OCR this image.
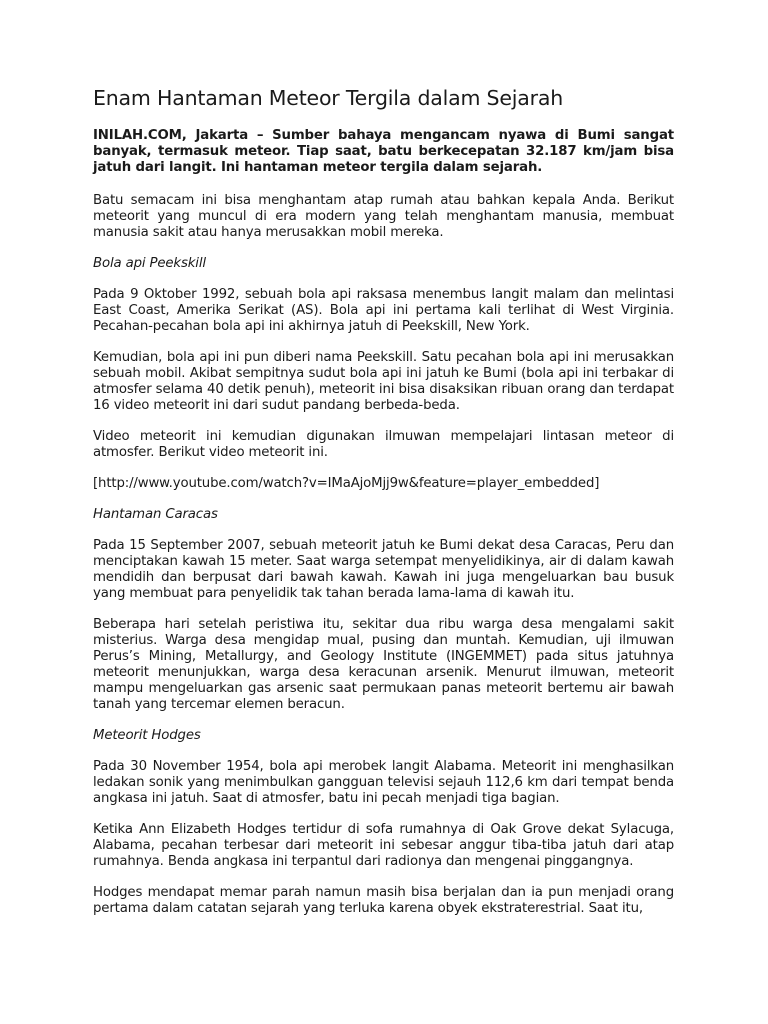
Enam Hantaman Meteor Tergila dalam Sejarah

INILAH.COM, Jakarta – Sumber bahaya mengancam nyawa di Bumi sangat banyak, termasuk meteor. Tiap saat, batu berkecepatan 32.187 km/jam bisa jatuh dari langit. Ini hantaman meteor tergila dalam sejarah.

Batu semacam ini bisa menghantam atap rumah atau bahkan kepala Anda. Berikut meteorit yang muncul di era modern yang telah menghantam manusia, membuat manusia sakit atau hanya merusakkan mobil mereka.

Bola api Peekskill

Pada 9 Oktober 1992, sebuah bola api raksasa menembus langit malam dan melintasi East Coast, Amerika Serikat (AS). Bola api ini pertama kali terlihat di West Virginia. Pecahan-pecahan bola api ini akhirnya jatuh di Peekskill, New York.

Kemudian, bola api ini pun diberi nama Peekskill. Satu pecahan bola api ini merusakkan sebuah mobil. Akibat sempitnya sudut bola api ini jatuh ke Bumi (bola api ini terbakar di atmosfer selama 40 detik penuh), meteorit ini bisa disaksikan ribuan orang dan terdapat 16 video meteorit ini dari sudut pandang berbeda-beda.

Video meteorit ini kemudian digunakan ilmuwan mempelajari lintasan meteor di atmosfer. Berikut video meteorit ini.

[http://www.youtube.com/watch?v=IMaAjoMjj9w&feature=player_embedded]

Hantaman Caracas

Pada 15 September 2007, sebuah meteorit jatuh ke Bumi dekat desa Caracas, Peru dan menciptakan kawah 15 meter. Saat warga setempat menyelidikinya, air di dalam kawah mendidih dan berpusat dari bawah kawah. Kawah ini juga mengeluarkan bau busuk yang membuat para penyelidik tak tahan berada lama-lama di kawah itu.

Beberapa hari setelah peristiwa itu, sekitar dua ribu warga desa mengalami sakit misterius. Warga desa mengidap mual, pusing dan muntah. Kemudian, uji ilmuwan Perus’s Mining, Metallurgy, and Geology Institute (INGEMMET) pada situs jatuhnya meteorit menunjukkan, warga desa keracunan arsenik. Menurut ilmuwan, meteorit mampu mengeluarkan gas arsenic saat permukaan panas meteorit bertemu air bawah tanah yang tercemar elemen beracun.

Meteorit Hodges

Pada 30 November 1954, bola api merobek langit Alabama. Meteorit ini menghasilkan ledakan sonik yang menimbulkan gangguan televisi sejauh 112,6 km dari tempat benda angkasa ini jatuh. Saat di atmosfer, batu ini pecah menjadi tiga bagian.

Ketika Ann Elizabeth Hodges tertidur di sofa rumahnya di Oak Grove dekat Sylacuga, Alabama, pecahan terbesar dari meteorit ini sebesar anggur tiba-tiba jatuh dari atap rumahnya. Benda angkasa ini terpantul dari radionya dan mengenai pinggangnya.

Hodges mendapat memar parah namun masih bisa berjalan dan ia pun menjadi orang pertama dalam catatan sejarah yang terluka karena obyek ekstraterestrial. Saat itu,
